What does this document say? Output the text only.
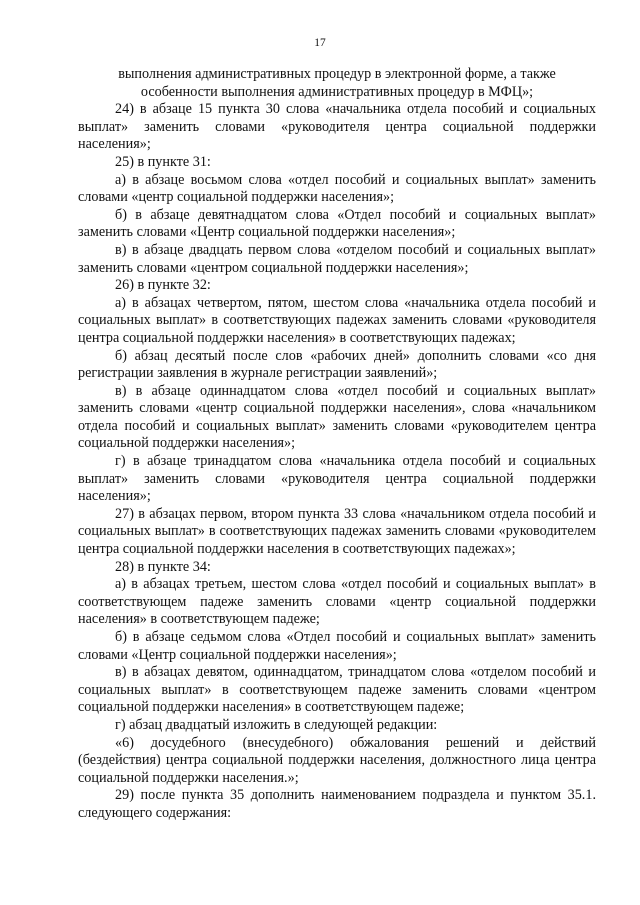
17

выполнения административных процедур в электронной форме, а также особенности выполнения административных процедур в МФЦ»;

24) в абзаце 15 пункта 30 слова «начальника отдела пособий и социальных выплат» заменить словами «руководителя центра социальной поддержки населения»;

25) в пункте 31:

а) в абзаце восьмом слова «отдел пособий и социальных выплат» заменить словами «центр социальной поддержки населения»;

б) в абзаце девятнадцатом слова «Отдел пособий и социальных выплат» заменить словами «Центр социальной поддержки населения»;

в) в абзаце двадцать первом слова «отделом пособий и социальных выплат» заменить словами «центром социальной поддержки населения»;

26) в пункте 32:

а) в абзацах четвертом, пятом, шестом слова «начальника отдела пособий и социальных выплат» в соответствующих падежах заменить словами «руководителя центра социальной поддержки населения» в соответствующих падежах;

б) абзац десятый после слов «рабочих дней» дополнить словами «со дня регистрации заявления в журнале регистрации заявлений»;

в) в абзаце одиннадцатом слова «отдел пособий и социальных выплат» заменить словами «центр социальной поддержки населения», слова «начальником отдела пособий и социальных выплат» заменить словами «руководителем центра социальной поддержки населения»;

г) в абзаце тринадцатом слова «начальника отдела пособий и социальных выплат» заменить словами «руководителя центра социальной поддержки населения»;

27) в абзацах первом, втором пункта 33 слова «начальником отдела пособий и социальных выплат» в соответствующих падежах заменить словами «руководителем центра социальной поддержки населения в соответствующих падежах»;

28) в пункте 34:

а) в абзацах третьем, шестом слова «отдел пособий и социальных выплат» в соответствующем падеже заменить словами «центр социальной поддержки населения» в соответствующем падеже;

б) в абзаце седьмом слова «Отдел пособий и социальных выплат» заменить словами «Центр социальной поддержки населения»;

в) в абзацах девятом, одиннадцатом, тринадцатом слова «отделом пособий и социальных выплат» в соответствующем падеже заменить словами «центром социальной поддержки населения» в соответствующем падеже;

г) абзац двадцатый изложить в следующей редакции:

«6) досудебного (внесудебного) обжалования решений и действий (бездействия) центра социальной поддержки населения, должностного лица центра социальной поддержки населения.»;

29) после пункта 35 дополнить наименованием подраздела и пунктом 35.1. следующего содержания:
